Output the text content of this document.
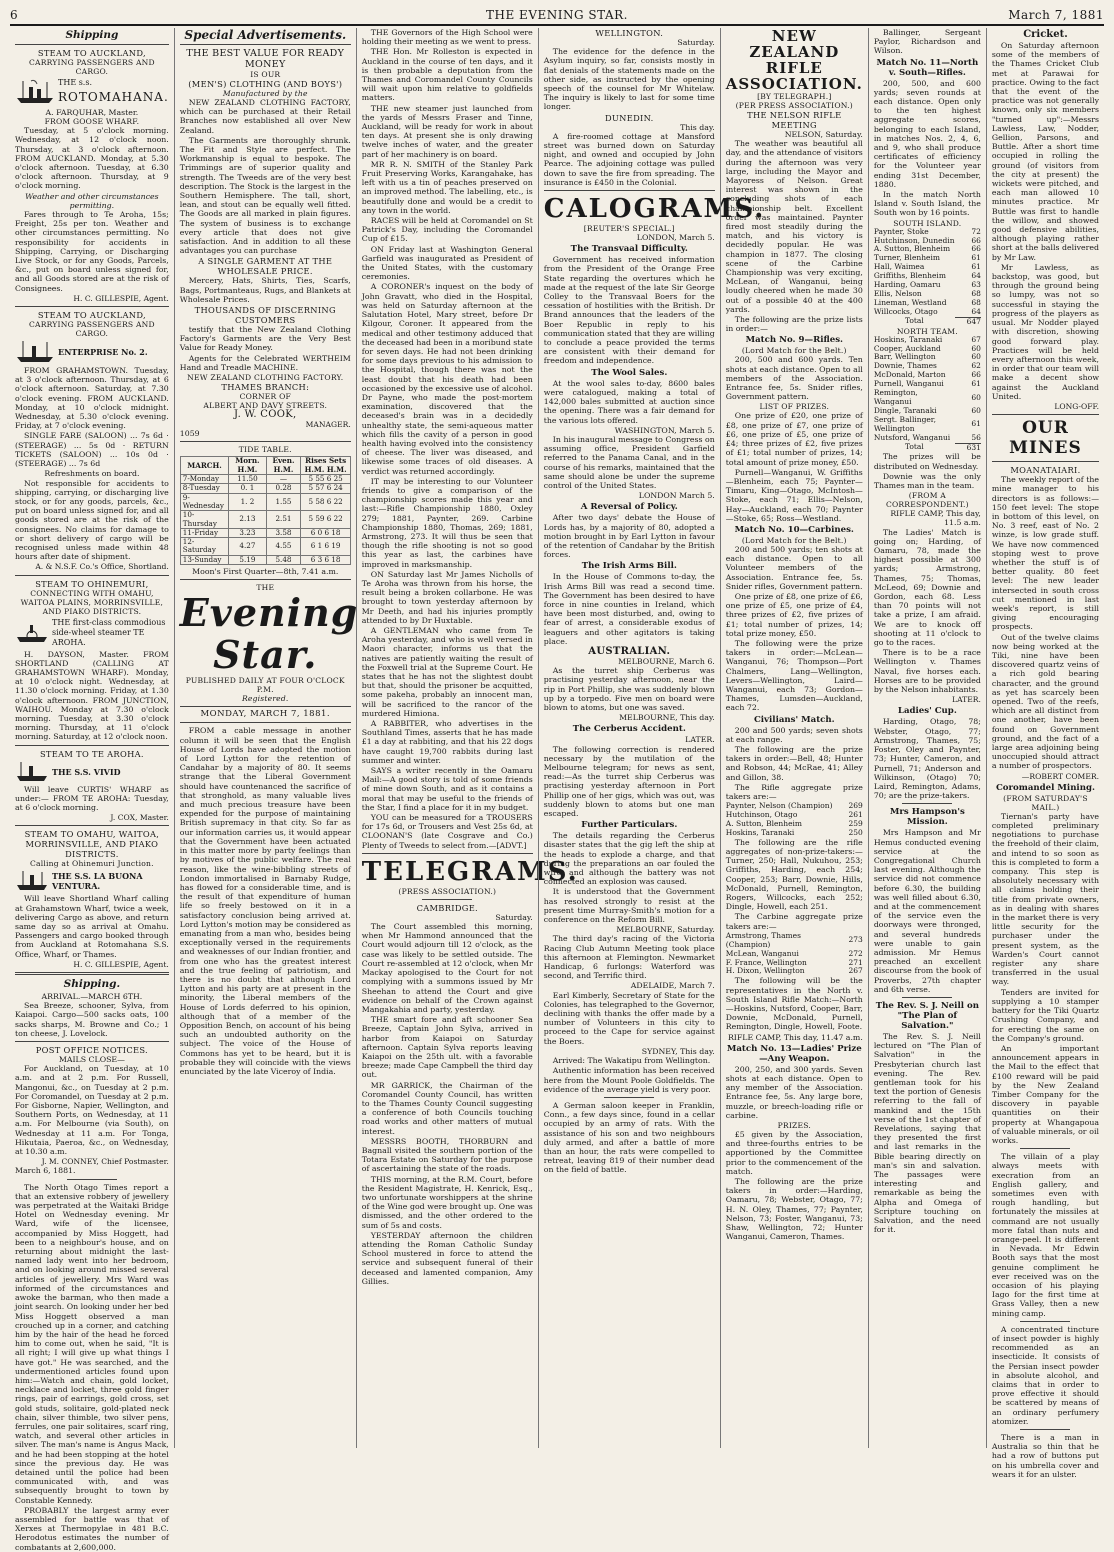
6	THE EVENING STAR.	March 7, 1881
Shipping
STEAM TO AUCKLAND,
CARRYING PASSENGERS AND CARGO.
THE s.s.
ROTOMAHANA.
A. FARQUHAR, Master.
FROM GOOSE WHARF.
Tuesday, at 5 o'clock morning. Wednesday, at 12 o'clock noon. Thursday, at 3 o'clock afternoon. FROM AUCKLAND. Monday, at 5.30 o'clock afternoon. Tuesday, at 6.30 o'clock afternoon. Thursday, at 9 o'clock morning.
Weather and other circumstances permitting.
Fares through to Te Aroha, 15s; Freight, 25s per ton. Weather and other circumstances permitting. No responsibility for accidents in Shipping, Carrying, or Discharging Live Stock, or for any Goods, Parcels, &c., put on board unless signed for, and all Goods stored are at the risk of Consignees.
H. C. GILLESPIE, Agent.
STEAM TO AUCKLAND,
CARRYING PASSENGERS AND CARGO.
ENTERPRISE No. 2.
FROM GRAHAMSTOWN. Tuesday, at 3 o'clock afternoon. Thursday, at 6 o'clock afternoon. Saturday, at 7.30 o'clock evening. FROM AUCKLAND. Monday, at 10 o'clock midnight. Wednesday, at 5.30 o'clock evening. Friday, at 7 o'clock evening.
SINGLE FARE (SALOON) ... 7s 6d · (STEERAGE) ... 5s 0d · RETURN TICKETS (SALOON) ... 10s 0d · (STEERAGE) ... 7s 6d
Refreshments on board.
Not responsible for accidents to shipping, carrying, or discharging live stock, or for any goods, parcels, &c., put on board unless signed for, and all goods stored are at the risk of the consignees. No claims for damage to or short delivery of cargo will be recognised unless made within 48 hours after date of shipment.
A. & N.S.F. Co.'s Office, Shortland.
STEAM TO OHINEMURI,
CONNECTING WITH OMAHU, WAITOA PLAINS, MORRINSVILLE, AND PIAKO DISTRICTS.
THE first-class commodious side-wheel steamer TE AROHA.
H. DAYSON, Master. FROM SHORTLAND (CALLING AT GRAHAMSTOWN WHARF). Monday, at 10 o'clock night. Wednesday, at 11.30 o'clock morning. Friday, at 1.30 o'clock afternoon. FROM JUNCTION, WAIHOU. Monday at 7.30 o'clock morning. Tuesday, at 3.30 o'clock morning. Thursday, at 11 o'clock morning. Saturday, at 12 o'clock noon.
STEAM TO TE AROHA.
THE S.S. VIVID
Will leave CURTIS' WHARF as under:— FROM TE AROHA: Tuesday, at 6 o'clock morning.
J. COX, Master.
STEAM TO OMAHU, WAITOA, MORRINSVILLE, AND PIAKO DISTRICTS.
Calling at Ohinemuri Junction.
THE S.S. LA BUONA VENTURA.
Will leave Shortland Wharf calling at Grahamstown Wharf, twice a week, delivering Cargo as above, and return same day so as arrival at Omahu. Passengers and cargo booked through from Auckland at Rotomahana S.S. Office, Wharf, or Thames.
H. C. GILLESPIE, Agent.
Shipping.
ARRIVAL.—MARCH 6TH.
Sea Breeze, schooner, Sylva, from Kaiapoi. Cargo—500 sacks oats, 100 sacks sharps, M. Browne and Co.; 1 ton cheese, J. Lovelock.
POST OFFICE NOTICES.
MAILS CLOSE—
For Auckland, on Tuesday, at 10 a.m. and at 2 p.m. For Russell, Mangonui, &c., on Tuesday at 2 p.m. For Coromandel, on Tuesday at 2 p.m. For Gisborne, Napier, Wellington, and Southern Ports, on Wednesday, at 11 a.m. For Melbourne (via South), on Wednesday at 11 a.m. For Tonga, Hikutaia, Paeroa, &c., on Wednesday, at 10.30 a.m.
J. M. CONNEY, Chief Postmaster.
March 6, 1881.
The North Otago Times report a that an extensive robbery of jewellery was perpetrated at the Waitaki Bridge Hotel on Wednesday evening. Mr Ward, wife of the licensee, accompanied by Miss Hoggett, had been to a neighbour's house, and on returning about midnight the last-named lady went into her bedroom, and on looking around missed several articles of jewellery. Mrs Ward was informed of the circumstances and awoke the barman, who then made a joint search. On looking under her bed Miss Hoggett observed a man crouched up in a corner, and catching him by the hair of the head he forced him to come out, when he said, "It is all right; I will give up what things I have got." He was searched, and the undermentioned articles found upon him:—Watch and chain, gold locket, necklace and locket, three gold finger rings, pair of earrings, gold cross, set gold studs, solitaire, gold-plated neck chain, silver thimble, two silver pens, ferrules, one pair solitaires, scarf ring, watch, and several other articles in silver. The man's name is Angus Mack, and he had been stopping at the hotel since the previous day. He was detained until the police had been communicated with, and was subsequently brought to town by Constable Kennedy.
PROBABLY the largest army ever assembled for battle was that of Xerxes at Thermopylae in 481 B.C. Herodotus estimates the number of combatants at 2,600,000.
Special Advertisements.
THE BEST VALUE FOR READY MONEY
IS OUR
(MEN'S) CLOTHING (AND BOYS')
Manufactured by the
NEW ZEALAND CLOTHING FACTORY, which can be purchased at their Retail Branches now established all over New Zealand.
The Garments are thoroughly shrunk. The Fit and Style are perfect. The Workmanship is equal to bespoke. The Trimmings are of superior quality and strength. The Tweeds are of the very best description. The Stock is the largest in the Southern Hemisphere. The tall, short, lean, and stout can be equally well fitted. The Goods are all marked in plain figures. The system of business is to exchange every article that does not give satisfaction. And in addition to all these advantages you can purchase
A SINGLE GARMENT AT THE WHOLESALE PRICE.
Mercery, Hats, Shirts, Ties, Scarfs, Bags, Portmanteaus, Rugs, and Blankets at Wholesale Prices.
THOUSANDS OF DISCERNING CUSTOMERS
testify that the New Zealand Clothing Factory's Garments are the Very Best Value for Ready Money.
Agents for the Celebrated WERTHEIM Hand and Treadle MACHINE.
NEW ZEALAND CLOTHING FACTORY.
THAMES BRANCH:
CORNER OF
ALBERT AND DAVY STREETS.
J. W. COOK,
MANAGER.
1059
TIDE TABLE.
MARCH.	Morn. H.M.	Even. H.M.	Rises Sets H.M. H.M.
7-Monday	11.50	—	5 55 6 25
8-Tuesday	0. 1	0.28	5 57 6 24
9-Wednesday	1. 2	1.55	5 58 6 22
10-Thursday	2.13	2.51	5 59 6 22
11-Friday	3.23	3.58	6 0 6 18
12-Saturday	4.27	4.55	6 1 6 19
13-Sunday	5.19	5.48	6 3 6 18
Moon's First Quarter—8th, 7.41 a.m.
THE
Evening Star.
PUBLISHED DAILY AT FOUR O'CLOCK P.M.
Registered.
MONDAY, MARCH 7, 1881.
FROM a cable message in another column it will be seen that the English House of Lords have adopted the motion of Lord Lytton for the retention of Candahar by a majority of 80. It seems strange that the Liberal Government should have countenanced the sacrifice of that stronghold, as many valuable lives and much precious treasure have been expended for the purpose of maintaining British supremacy in that city. So far as our information carries us, it would appear that the Government have been actuated in this matter more by party feelings than by motives of the public welfare. The real reason, like the wine-bibbling streets of London immortalised in Barnaby Rudge, has flowed for a considerable time, and is the result of that expenditure of human life so freely bestowed on it in a satisfactory conclusion being arrived at. Lord Lytton's motion may be considered as emanating from a man who, besides being exceptionally versed in the requirements and weaknesses of our Indian frontier, and from one who has the greatest interest and the true feeling of patriotism, and there is no doubt that although Lord Lytton and his party are at present in the minority, the Liberal members of the House of Lords deferred to his opinion, although that of a member of the Opposition Bench, on account of his being such an undoubted authority on the subject. The voice of the House of Commons has yet to be heard, but it is probable they will coincide with the views enunciated by the late Viceroy of India.
THE Governors of the High School were holding their meeting as we went to press.
THE Hon. Mr Rolleston is expected in Auckland in the course of ten days, and it is then probable a deputation from the Thames and Coromandel County Councils will wait upon him relative to goldfields matters.
THE new steamer just launched from the yards of Messrs Fraser and Tinne, Auckland, will be ready for work in about ten days. At present she is only drawing twelve inches of water, and the greater part of her machinery is on board.
MR R. N. SMITH of the Stanley Park Fruit Preserving Works, Karangahake, has left with us a tin of peaches preserved on an improved method. The labelling, etc., is beautifully done and would be a credit to any town in the world.
RACES will be held at Coromandel on St Patrick's Day, including the Coromandel Cup of £15.
ON Friday last at Washington General Garfield was inaugurated as President of the United States, with the customary ceremonies.
A CORONER's inquest on the body of John Gravatt, who died in the Hospital, was held on Saturday afternoon at the Salutation Hotel, Mary street, before Dr Kilgour, Coroner. It appeared from the medical and other testimony adduced that the deceased had been in a moribund state for seven days. He had not been drinking for some days previous to his admission to the Hospital, though there was not the least doubt that his death had been occasioned by the excessive use of alcohol. Dr Payne, who made the post-mortem examination, discovered that the deceased's brain was in a decidedly unhealthy state, the semi-aqueous matter which fills the cavity of a person in good health having evolved into the consistency of cheese. The liver was diseased, and likewise some traces of old diseases. A verdict was returned accordingly.
IT may be interesting to our Volunteer friends to give a comparison of the championship scores made this year and last:—Rifle Championship 1880, Oxley 279; 1881, Paynter, 269. Carbine Championship 1880, Thomas, 269; 1881, Armstrong, 273. It will thus be seen that though the rifle shooting is not so good this year as last, the carbines have improved in marksmanship.
ON Saturday last Mr James Nicholls of Te Aroha was thrown from his horse, the result being a broken collarbone. He was brought to town yesterday afternoon by Mr Deeth, and had his injuries promptly attended to by Dr Huxtable.
A GENTLEMAN who came from Te Aroha yesterday, and who is well versed in Maori character, informs us that the natives are patiently waiting the result of the Foxwell trial at the Supreme Court. He states that he has not the slightest doubt but that, should the prisoner be acquitted, some pakeha, probably an innocent man, will be sacrificed to the rancor of the murdered Himiona.
A RABBITER, who advertises in the Southland Times, asserts that he has made £1 a day at rabbiting, and that his 22 dogs have caught 19,700 rabbits during last summer and winter.
SAYS a writer recently in the Oamaru Mail:—A good story is told of some friends of mine down South, and as it contains a moral that may be useful to the friends of the Star, I find a place for it in my budget.
YOU can be measured for a TROUSERS for 17s 6d, or Trousers and Vest 25s 6d, at CLOONAN'S (late Cosgrave and Co.) Plenty of Tweeds to select from.—[ADVT.]
TELEGRAMS.
(PRESS ASSOCIATION.)
CAMBRIDGE.
Saturday.
The Court assembled this morning, when Mr Hammond announced that the Court would adjourn till 12 o'clock, as the case was likely to be settled outside. The Court re-assembled at 12 o'clock, when Mr Mackay apologised to the Court for not complying with a summons issued by Mr Sheehan to attend the Court and give evidence on behalf of the Crown against Mangakahia and party, yesterday.
THE smart fore and aft schooner Sea Breeze, Captain John Sylva, arrived in harbor from Kaiapoi on Saturday afternoon. Captain Sylva reports leaving Kaiapoi on the 25th ult. with a favorable breeze; made Cape Campbell the third day out.
MR GARRICK, the Chairman of the Coromandel County Council, has written to the Thames County Council suggesting a conference of both Councils touching road works and other matters of mutual interest.
MESSRS BOOTH, THORBURN and Bagnall visited the southern portion of the Totara Estate on Saturday for the purpose of ascertaining the state of the roads.
THIS morning, at the R.M. Court, before the Resident Magistrate, H. Kenrick, Esq., two unfortunate worshippers at the shrine of the Wine god were brought up. One was dismissed, and the other ordered to the sum of 5s and costs.
YESTERDAY afternoon the children attending the Roman Catholic Sunday School mustered in force to attend the service and subsequent funeral of their deceased and lamented companion, Amy Gillies.
WELLINGTON.
Saturday.
The evidence for the defence in the Asylum inquiry, so far, consists mostly in flat denials of the statements made on the other side, as instructed by the opening speech of the counsel for Mr Whitelaw. The inquiry is likely to last for some time longer.
DUNEDIN.
This day.
A fire-roomed cottage at Mansford street was burned down on Saturday night, and owned and occupied by John Pearce. The adjoining cottage was pulled down to save the fire from spreading. The insurance is £450 in the Colonial.
CALOGRAMS.
[REUTER'S SPECIAL.]
LONDON, March 5.
The Transvaal Difficulty.
Government has received information from the President of the Orange Free State regarding the overtures which he made at the request of the late Sir George Colley to the Transvaal Boers for the cessation of hostilities with the British. Dr Brand announces that the leaders of the Boer Republic in reply to his communication stated that they are willing to conclude a peace provided the terms are consistent with their demand for freedom and independence.
The Wool Sales.
At the wool sales to-day, 8600 bales were catalogued, making a total of 142,000 bales submitted at auction since the opening. There was a fair demand for the various lots offered.
WASHINGTON, March 5.
In his inaugural message to Congress on assuming office, President Garfield referred to the Panama Canal, and in the course of his remarks, maintained that the same should alone be under the supreme control of the United States.
LONDON March 5.
A Reversal of Policy.
After two days' debate the House of Lords has, by a majority of 80, adopted a motion brought in by Earl Lytton in favour of the retention of Candahar by the British forces.
The Irish Arms Bill.
In the House of Commons to-day, the Irish Arms Bill was read a second time. The Government has been desired to have force in nine counties in Ireland, which have been most disturbed, and, owing to fear of arrest, a considerable exodus of leaguers and other agitators is taking place.
AUSTRALIAN.
MELBOURNE, March 6.
As the turret ship Cerberus was practising yesterday afternoon, near the rip in Port Phillip, she was suddenly blown up by a torpedo. Five men on board were blown to atoms, but one was saved.
MELBOURNE, This day.
The Cerberus Accident.
LATER.
The following correction is rendered necessary by the mutilation of the Melbourne telegram; for news as sent, read:—As the turret ship Cerberus was practising yesterday afternoon in Port Phillip one of her gigs, which was out, was suddenly blown to atoms but one man escaped.
Further Particulars.
The details regarding the Cerberus disaster states that the gig left the ship at the heads to explode a charge, and that during the preparations an oar fouled the wire, and although the battery was not connected an explosion was caused.
It is understood that the Government has resolved strongly to resist at the present time Murray-Smith's motion for a conference on the Reform Bill.
MELBOURNE, Saturday.
The third day's racing of the Victoria Racing Club Autumn Meeting took place this afternoon at Flemington. Newmarket Handicap, 6 furlongs: Waterford was second, and Terrific third.
ADELAIDE, March 7.
Earl Kimberly, Secretary of State for the Colonies, has telegraphed to the Governor, declining with thanks the offer made by a number of Volunteers in this city to proceed to the Cape for service against the Boers.
SYDNEY, This day.
Arrived: The Wakatipu from Wellington.
Authentic information has been received here from the Mount Poole Goldfields. The evidence of the average yield is very poor.
A German saloon keeper in Franklin, Conn., a few days since, found in a cellar occupied by an army of rats. With the assistance of his son and two neighbours duly armed, and after a battle of more than an hour, the rats were compelled to retreat, leaving 819 of their number dead on the field of battle.
NEW ZEALAND RIFLE ASSOCIATION.
[BY TELEGRAPH.]
(PER PRESS ASSOCIATION.)
THE NELSON RIFLE MEETING
NELSON, Saturday.
The weather was beautiful all day, and the attendance of visitors during the afternoon was very large, including the Mayor and Mayoress of Nelson. Great interest was shown in the concluding shots of each championship belt. Excellent order was maintained. Paynter fired most steadily during the match, and his victory is decidedly popular. He was champion in 1877. The closing scene of the Carbine Championship was very exciting, McLean, of Wanganui, being loudly cheered when he made 30 out of a possible 40 at the 400 yards.
The following are the prize lists in order:—
Match No. 9—Rifles.
(Lord Match for the Belt.)
200, 500 and 600 yards. Ten shots at each distance. Open to all members of the Association. Entrance fee, 5s. Snider rifles, Government pattern.
LIST OF PRIZES.
One prize of £20, one prize of £8, one prize of £7, one prize of £6, one prize of £5, one prize of £4; three prizes of £2, five prizes of £1; total number of prizes, 14; total amount of prize money, £50.
Purnell—Wanganui, W. Griffiths—Blenheim, each 75; Paynter—Timaru, King—Otago, McIntosh—Stoke, each 71; Ellis—Nelson, Hay—Auckland, each 70; Paynter—Stoke, 65; Ross—Westland.
Match No. 10—Carbines.
(Lord Match for the Belt.)
200 and 500 yards; ten shots at each distance. Open to all Volunteer members of the Association. Entrance fee, 5s. Snider rifles, Government pattern.
One prize of £8, one prize of £6, one prize of £5, one prize of £4, three prizes of £2, five prizes of £1; total number of prizes, 14; total prize money, £50.
The following were the prize takers in order:—McLean—Wanganui, 76; Thompson—Port Chalmers, Lang—Wellington, Levers—Wellington, Laird—Wanganui, each 73; Gordon—Thames, Lumsden—Auckland, each 72.
Civilians' Match.
200 and 500 yards; seven shots at each range.
The following are the prize takers in order:—Bell, 48; Hunter and Robson, 44; McRae, 41; Alley and Gillon, 38.
The Rifle aggregate prize takers are:—
Paynter, Nelson (Champion)	269
Hutchinson, Otago	261
A. Sutton, Blenheim	259
Hoskins, Taranaki	250
The following are the rifle aggregates of non-prize-takers:—Turner, 250; Hall, Nukuhou, 253; Griffiths, Harding, each 254; Cooper, 253; Barr, Downie, Hills, McDonald, Purnell, Remington, Rogers, Willcocks, each 252; Dingle, Howell, each 251.
The Carbine aggregate prize takers are:—
Armstrong, Thames (Champion)	273
McLean, Wanganui	272
F. France, Wellington	271
H. Dixon, Wellington	267
The following will be the representatives in the North v. South Island Rifle Match:—North—Hoskins, Nutsford, Cooper, Barr, Downie, McDonald, Purnell, Remington, Dingle, Howell, Foote.
RIFLE CAMP, This day, 11.47 a.m.
Match No. 13—Ladies' Prize—Any Weapon.
200, 250, and 300 yards. Seven shots at each distance. Open to any member of the Association. Entrance fee, 5s. Any large bore, muzzle, or breech-loading rifle or carbine.
PRIZES.
£5 given by the Association, and three-fourths entries to be apportioned by the Committee prior to the commencement of the match.
The following are the prize takers in order:—Harding, Oamaru, 78; Webster, Otago, 77; H. N. Oley, Thames, 77; Paynter, Nelson, 73; Foster, Wanganui, 73; Shaw, Wellington, 72; Hunter Wanganui, Cameron, Thames.
Ballinger, Sergeant Paylor, Richardson and Wilson.
Match No. 11—North v. South—Rifles.
200, 500, and 600 yards; seven rounds at each distance. Open only to the ten highest aggregate scores, belonging to each Island, in matches Nos. 2, 4, 6, and 9, who shall produce certificates of efficiency for the Volunteer year ending 31st December, 1880.
In the match North Island v. South Island, the South won by 16 points.
SOUTH ISLAND.
Paynter, Stoke	72
Hutchinson, Dunedin	66
A. Sutton, Blenheim	66
Turner, Blenheim	61
Hall, Waimea	61
Griffiths, Blenheim	64
Harding, Oamaru	63
Ellis, Nelson	68
Lineman, Westland	68
Willcocks, Otago	64
Total	647
NORTH TEAM.
Hoskins, Taranaki	67
Cooper, Auckland	60
Barr, Wellington	60
Downie, Thames	62
McDonald, Marton	66
Purnell, Wanganui	61
Remington, Wanganui	60
Dingle, Taranaki	60
Sergt. Ballinger, Wellington	61
Nutsford, Wanganui	56
Total	631
The prizes will be distributed on Wednesday.
Downie was the only Thames man in the team.
(FROM A CORRESPONDENT.)
RIFLE CAMP, This day, 11.5 a.m.
The Ladies' Match is going on; Harding, of Oamaru, 78, made the highest possible at 300 yards; Armstrong, Thames, 75; Thomas, McLeod, 69; Downie and Gordon, each 68. Less than 70 points will not take a prize, I am afraid. We are to knock off shooting at 11 o'clock to go to the races.
There is to be a race Wellington v. Thames Naval, five horses each. Horses are to be provided by the Nelson inhabitants.
LATER.
Ladies' Cup.
Harding, Otago, 78; Webster, Otago, 77; Armstrong, Thames, 75; Foster, Oley and Paynter, 73; Hunter, Cameron, and Purnell, 71; Anderson and Wilkinson, (Otago) 70; Laird, Remington, Adams, 70; are the prize-takers.
Mrs Hampson's Mission.
Mrs Hampson and Mr Hemus conducted evening service at the Congregational Church last evening. Although the service did not commence before 6.30, the building was well filled about 6.30, and at the commencement of the service even the doorways were thronged, and several hundreds were unable to gain admission. Mr Hemus preached an excellent discourse from the book of Proverbs, 27th chapter and 6th verse.
The Rev. S. J. Neill on "The Plan of Salvation."
The Rev. S. J. Neill lectured on "The Plan of Salvation" in the Presbyterian church last evening. The Rev. gentleman took for his text the portion of Genesis referring to the fall of mankind and the 15th verse of the 1st chapter of Revelations, saying that they presented the first and last remarks in the Bible bearing directly on man's sin and salvation. The passages were interesting and remarkable as being the Alpha and Omega of Scripture touching on Salvation, and the need for it.
Cricket.
On Saturday afternoon some of the members of the Thames Cricket Club met at Parawai for practice. Owing to the fact that the event of the practice was not generally known, only six members "turned up":—Messrs Lawless, Law, Nodder, Gellion, Parsons, and Buttle. After a short time occupied in rolling the ground (of visitors from the city at present) the wickets were pitched, and each man allowed 10 minutes practice. Mr Buttle was first to handle the willow, and showed good defensive abilities, although playing rather short at the balls delivered by Mr Law.
Mr Lawless, as backstop, was good, but through the ground being so lumpy, was not so successful in staying the progress of the players as usual. Mr Nodder played with discretion, showing good forward play. Practices will be held every afternoon this week, in order that our team will make a decent show against the Auckland United.
LONG-OFF.
OUR MINES
MOANATAIARI.
The weekly report of the mine manager to his directors is as follows:—150 feet level: The stope in bottom of this level, on No. 3 reef, east of No. 2 winze, is low grade stuff. We have now commenced stoping west to prove whether the stuff is of better quality. 80 feet level: The new leader intersected in south cross cut mentioned in last week's report, is still giving encouraging prospects.
Out of the twelve claims now being worked at the Tiki, nine have been discovered quartz veins of a rich gold bearing character, and the ground as yet has scarcely been opened. Two of the reefs, which are all distinct from one another, have been found on Government ground, and the fact of a large area adjoining being unoccupied should attract a number of prospectors.
—ROBERT COMER.
Coromandel Mining.
(FROM SATURDAY'S MAIL.)
Tiernan's party have completed preliminary negotiations to purchase the freehold of their claim, and intend to so soon as this is completed to form a company. This step is absolutely necessary with all claims holding their title from private owners, as in dealing with shares in the market there is very little security for the purchaser under the present system, as the Warden's Court cannot register any share transferred in the usual way.
Tenders are invited for supplying a 10 stamper battery for the Tiki Quartz Crushing Company, and for erecting the same on the Company's ground.
An important announcement appears in the Mail to the effect that £100 reward will be paid by the New Zealand Timber Company for the discovery in payable quantities on their property at Whangapoua of valuable minerals, or oil works.
The villain of a play always meets with execration from an English gallery, and sometimes even with rough handling, but fortunately the missiles at command are not usually more fatal than nuts and orange-peel. It is different in Nevada. Mr Edwin Booth says that the most genuine compliment he ever received was on the occasion of his playing Iago for the first time at Grass Valley, then a new mining camp.
A concentrated tincture of insect powder is highly recommended as an insecticide. It consists of the Persian insect powder in absolute alcohol, and claims that in order to prove effective it should be scattered by means of an ordinary perfumery atomizer.
There is a man in Australia so thin that he had a row of buttons put on his umbrella cover and wears it for an ulster.
